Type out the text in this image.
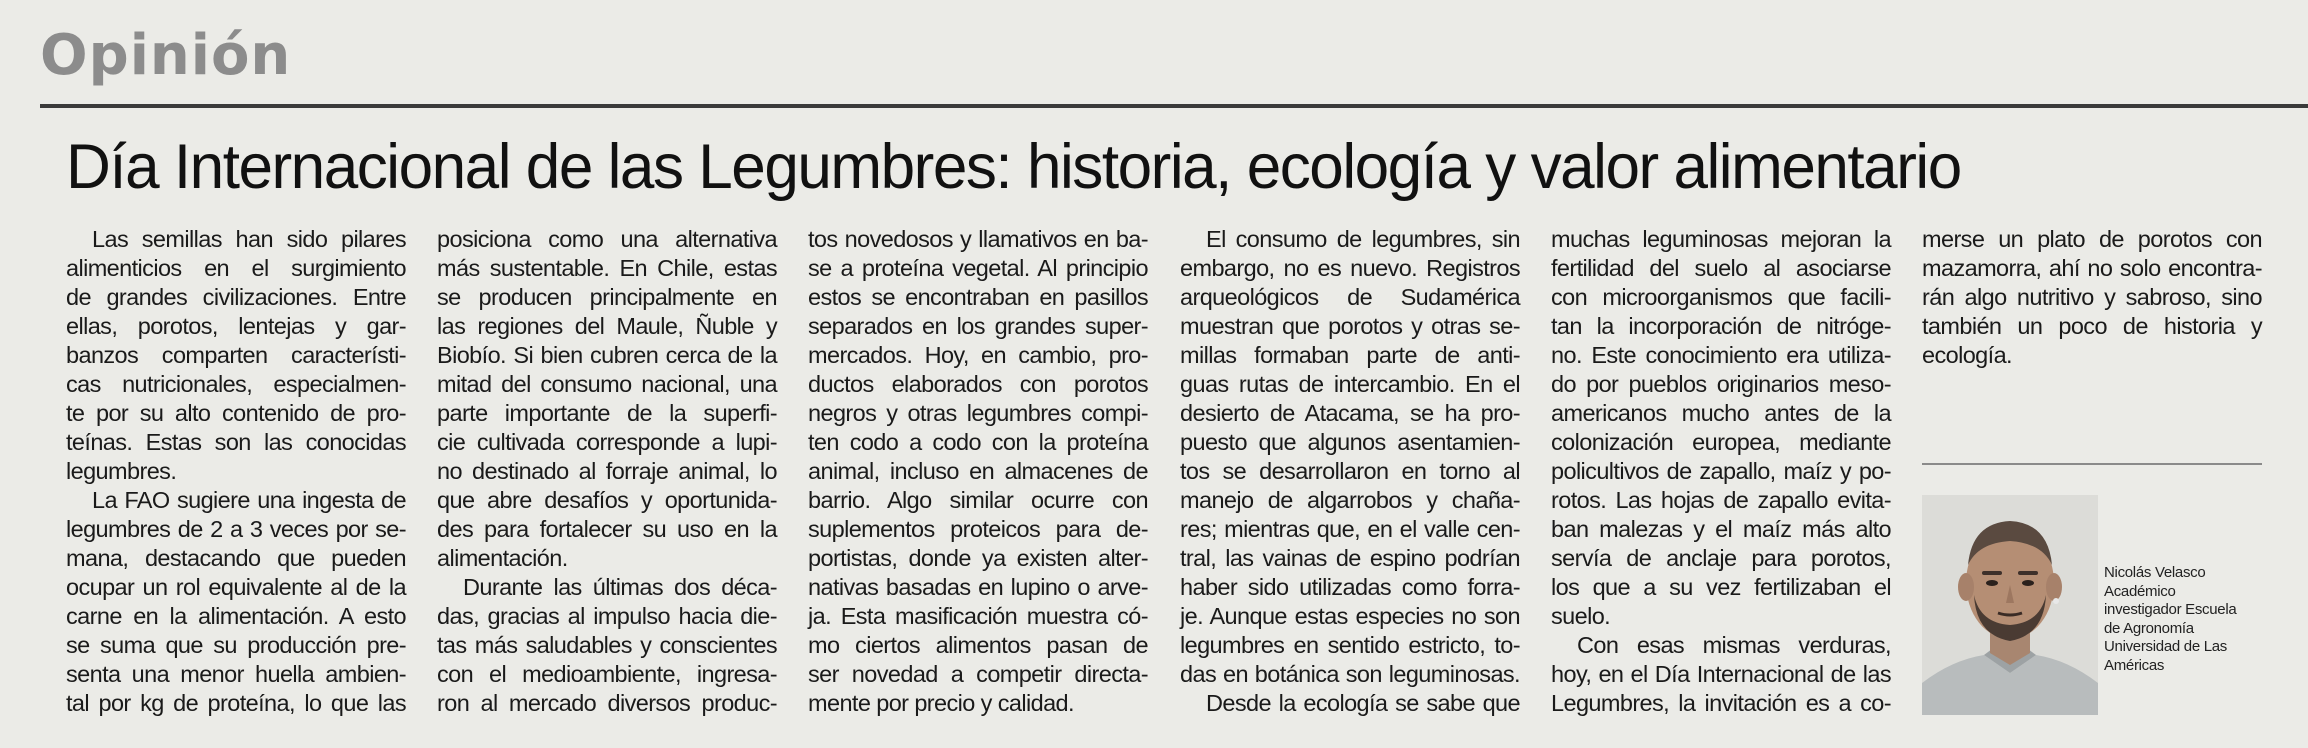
Opinión
Día Internacional de las Legumbres: historia, ecología y valor alimentario
Las semillas han sido pilares
alimenticios en el surgimiento
de grandes civilizaciones. Entre
ellas, porotos, lentejas y gar-
banzos comparten característi-
cas nutricionales, especialmen-
te por su alto contenido de pro-
teínas. Estas son las conocidas
legumbres.
La FAO sugiere una ingesta de
legumbres de 2 a 3 veces por se-
mana, destacando que pueden
ocupar un rol equivalente al de la
carne en la alimentación. A esto
se suma que su producción pre-
senta una menor huella ambien-
tal por kg de proteína, lo que las
posiciona como una alternativa
más sustentable. En Chile, estas
se producen principalmente en
las regiones del Maule, Ñuble y
Biobío. Si bien cubren cerca de la
mitad del consumo nacional, una
parte importante de la superfi-
cie cultivada corresponde a lupi-
no destinado al forraje animal, lo
que abre desafíos y oportunida-
des para fortalecer su uso en la
alimentación.
Durante las últimas dos déca-
das, gracias al impulso hacia die-
tas más saludables y conscientes
con el medioambiente, ingresa-
ron al mercado diversos produc-
tos novedosos y llamativos en ba-
se a proteína vegetal. Al principio
estos se encontraban en pasillos
separados en los grandes super-
mercados. Hoy, en cambio, pro-
ductos elaborados con porotos
negros y otras legumbres compi-
ten codo a codo con la proteína
animal, incluso en almacenes de
barrio. Algo similar ocurre con
suplementos proteicos para de-
portistas, donde ya existen alter-
nativas basadas en lupino o arve-
ja. Esta masificación muestra có-
mo ciertos alimentos pasan de
ser novedad a competir directa-
mente por precio y calidad.
El consumo de legumbres, sin
embargo, no es nuevo. Registros
arqueológicos de Sudamérica
muestran que porotos y otras se-
millas formaban parte de anti-
guas rutas de intercambio. En el
desierto de Atacama, se ha pro-
puesto que algunos asentamien-
tos se desarrollaron en torno al
manejo de algarrobos y chaña-
res; mientras que, en el valle cen-
tral, las vainas de espino podrían
haber sido utilizadas como forra-
je. Aunque estas especies no son
legumbres en sentido estricto, to-
das en botánica son leguminosas.
Desde la ecología se sabe que
muchas leguminosas mejoran la
fertilidad del suelo al asociarse
con microorganismos que facili-
tan la incorporación de nitróge-
no. Este conocimiento era utiliza-
do por pueblos originarios meso-
americanos mucho antes de la
colonización europea, mediante
policultivos de zapallo, maíz y po-
rotos. Las hojas de zapallo evita-
ban malezas y el maíz más alto
servía de anclaje para porotos,
los que a su vez fertilizaban el
suelo.
Con esas mismas verduras,
hoy, en el Día Internacional de las
Legumbres, la invitación es a co-
merse un plato de porotos con
mazamorra, ahí no solo encontra-
rán algo nutritivo y sabroso, sino
también un poco de historia y
ecología.
Nicolás Velasco
Académico
investigador Escuela
de Agronomía
Universidad de Las
Américas
